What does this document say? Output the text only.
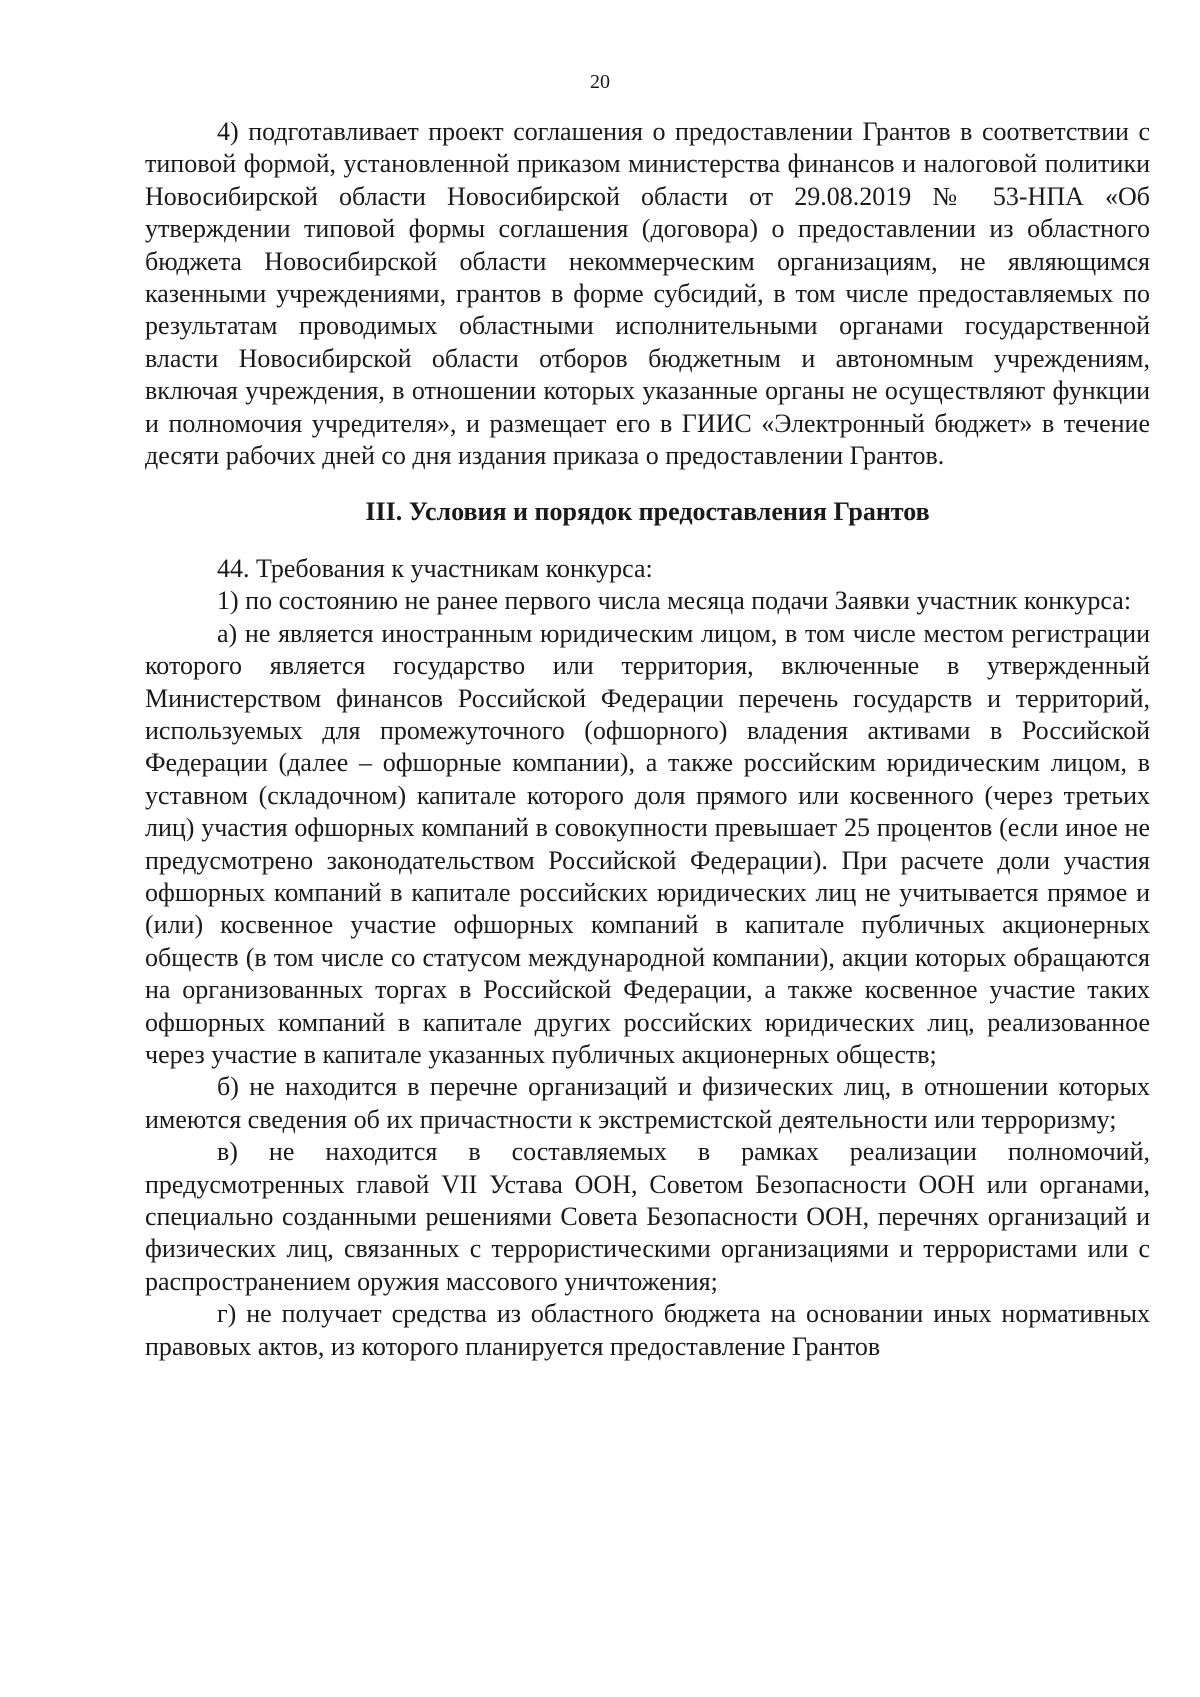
20

4) подготавливает проект соглашения о предоставлении Грантов в соответствии с типовой формой, установленной приказом министерства финансов и налоговой политики Новосибирской области Новосибирской области от 29.08.2019 № 53-НПА «Об утверждении типовой формы соглашения (договора) о предоставлении из областного бюджета Новосибирской области некоммерческим организациям, не являющимся казенными учреждениями, грантов в форме субсидий, в том числе предоставляемых по результатам проводимых областными исполнительными органами государственной власти Новосибирской области отборов бюджетным и автономным учреждениям, включая учреждения, в отношении которых указанные органы не осуществляют функции и полномочия учредителя», и размещает его в ГИИС «Электронный бюджет» в течение десяти рабочих дней со дня издания приказа о предоставлении Грантов.

III. Условия и порядок предоставления Грантов

44. Требования к участникам конкурса:

1) по состоянию не ранее первого числа месяца подачи Заявки участник конкурса:

а) не является иностранным юридическим лицом, в том числе местом регистрации которого является государство или территория, включенные в утвержденный Министерством финансов Российской Федерации перечень государств и территорий, используемых для промежуточного (офшорного) владения активами в Российской Федерации (далее – офшорные компании), а также российским юридическим лицом, в уставном (складочном) капитале которого доля прямого или косвенного (через третьих лиц) участия офшорных компаний в совокупности превышает 25 процентов (если иное не предусмотрено законодательством Российской Федерации). При расчете доли участия офшорных компаний в капитале российских юридических лиц не учитывается прямое и (или) косвенное участие офшорных компаний в капитале публичных акционерных обществ (в том числе со статусом международной компании), акции которых обращаются на организованных торгах в Российской Федерации, а также косвенное участие таких офшорных компаний в капитале других российских юридических лиц, реализованное через участие в капитале указанных публичных акционерных обществ;

б) не находится в перечне организаций и физических лиц, в отношении которых имеются сведения об их причастности к экстремистской деятельности или терроризму;

в) не находится в составляемых в рамках реализации полномочий, предусмотренных главой VII Устава ООН, Советом Безопасности ООН или органами, специально созданными решениями Совета Безопасности ООН, перечнях организаций и физических лиц, связанных с террористическими организациями и террористами или с распространением оружия массового уничтожения;

г) не получает средства из областного бюджета на основании иных нормативных правовых актов, из которого планируется предоставление Грантов
